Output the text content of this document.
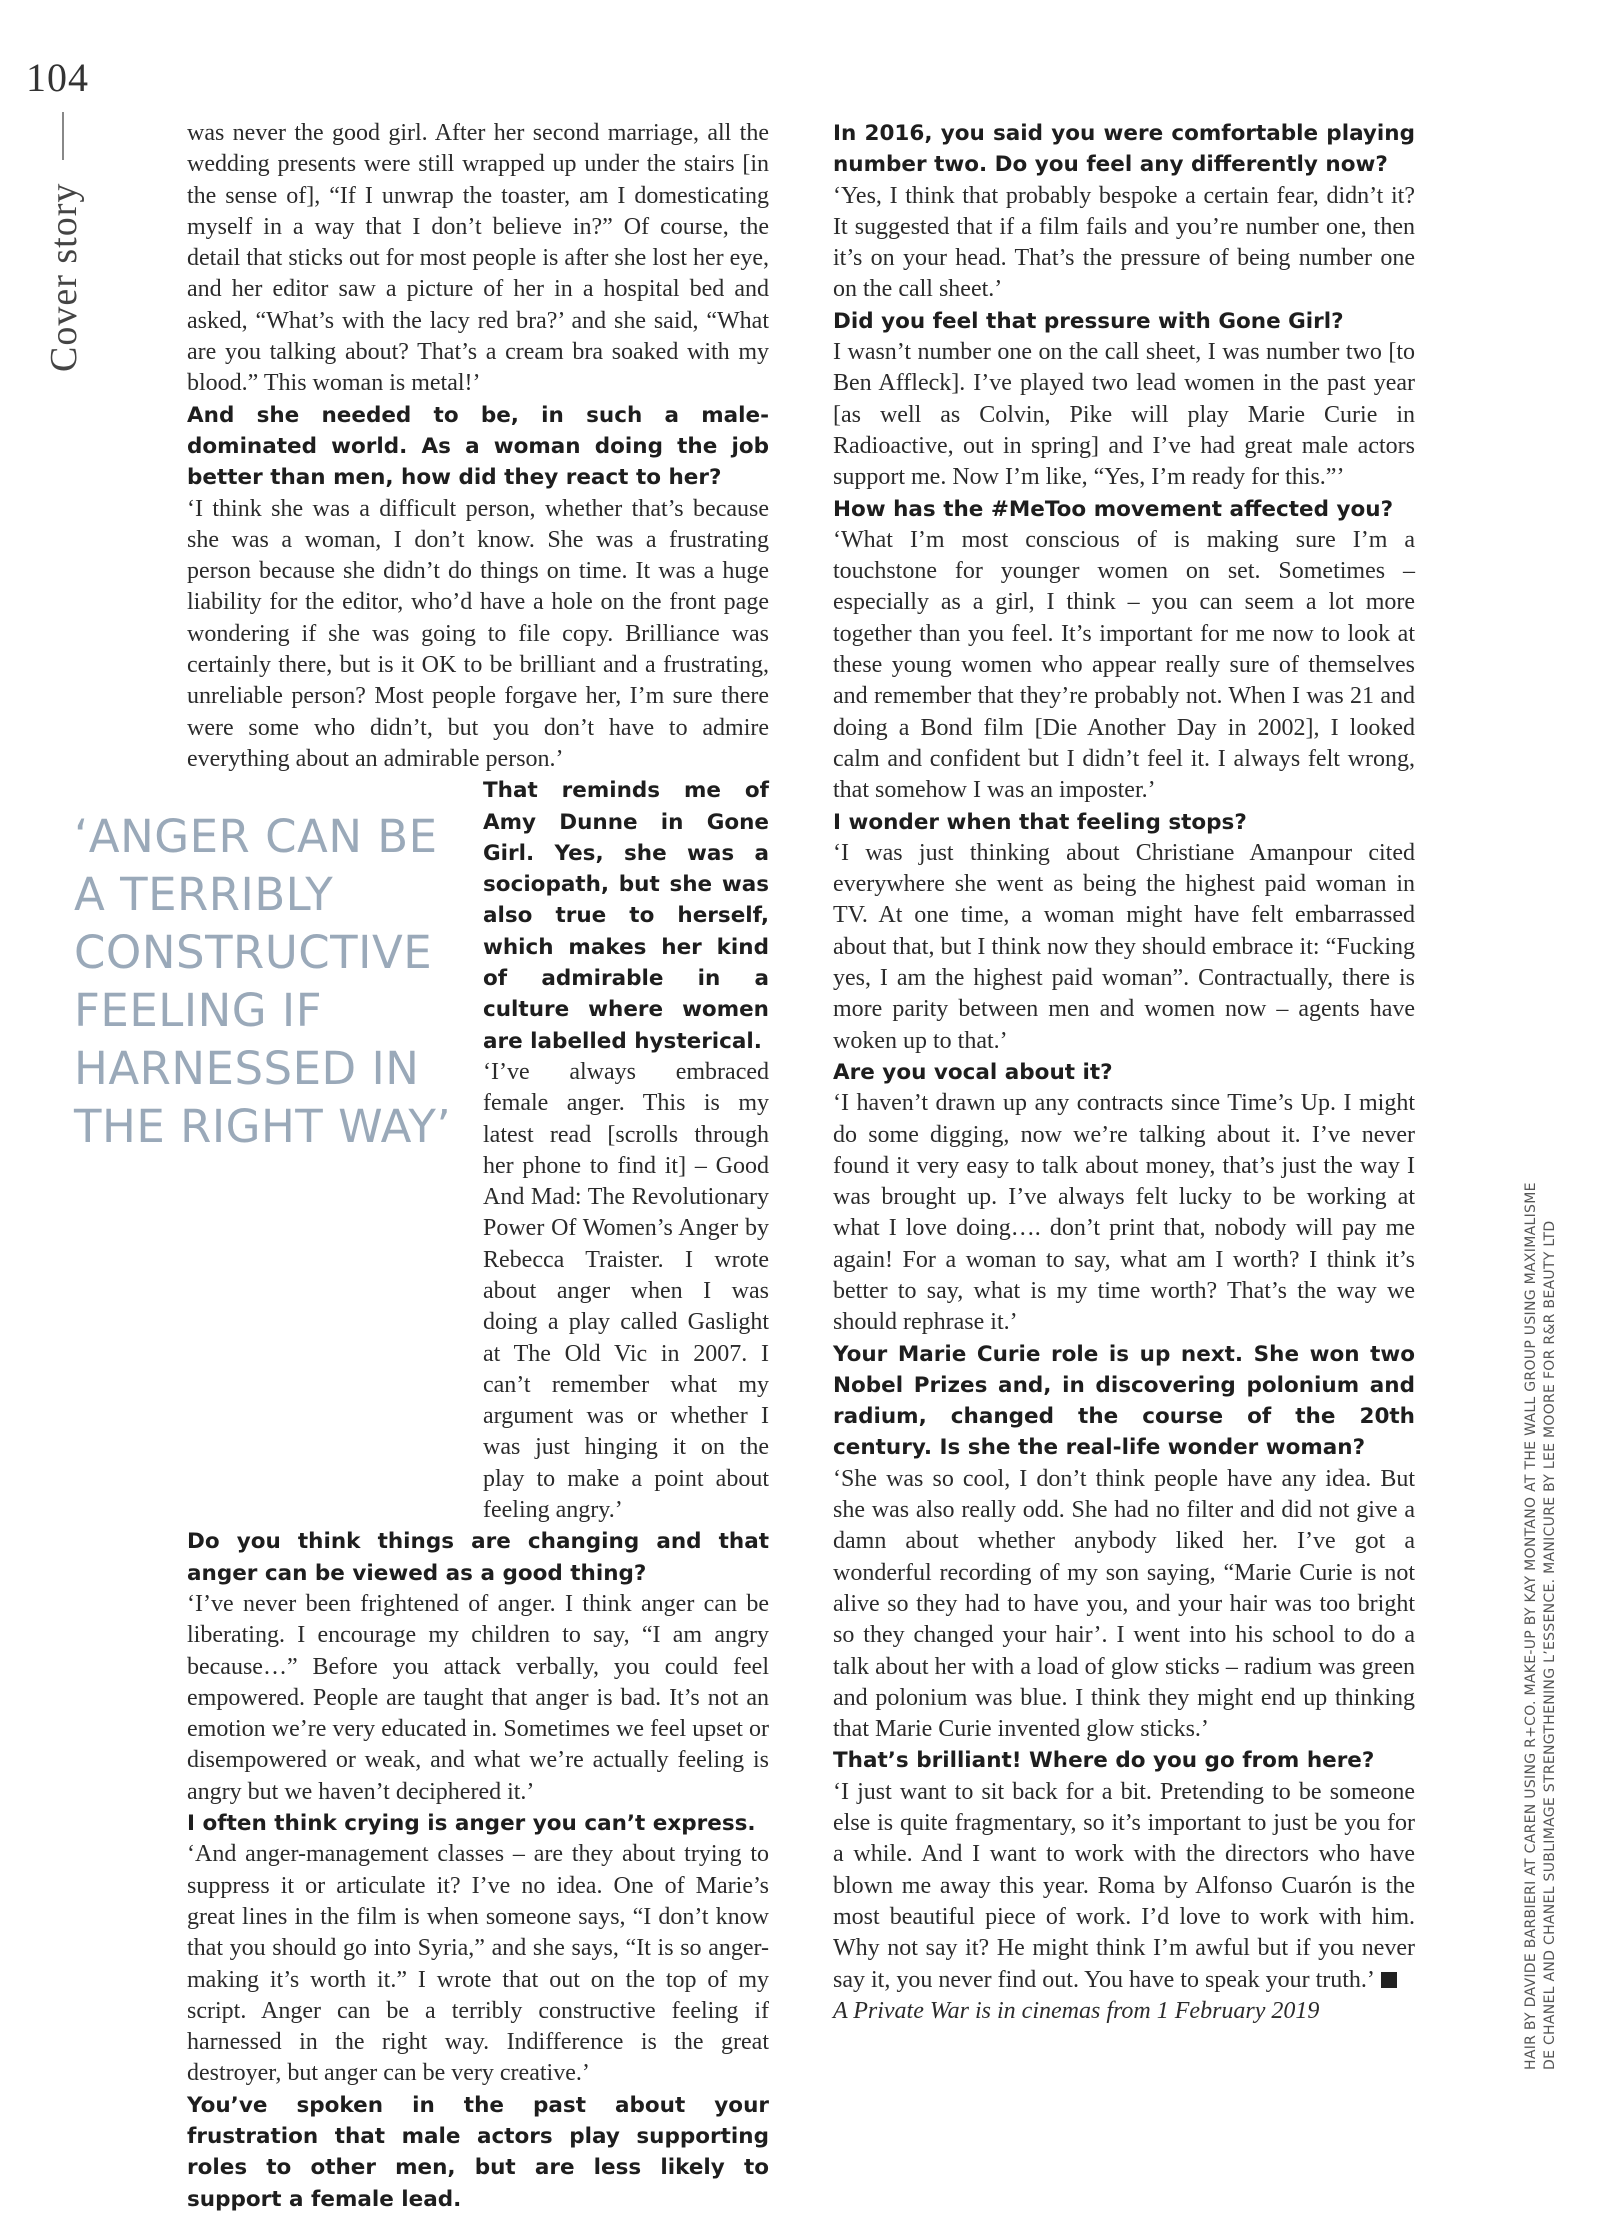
104
Cover story
‘ANGER CAN BE A TERRIBLY CONSTRUCTIVE FEELING IF HARNESSED IN THE RIGHT WAY’

was never the good girl. After her second marriage, all the wedding presents were still wrapped up under the stairs [in the sense of], “If I unwrap the toaster, am I domesticating myself in a way that I don’t believe in?” Of course, the detail that sticks out for most people is after she lost her eye, and her editor saw a picture of her in a hospital bed and asked, “What’s with the lacy red bra?’ and she said, “What are you talking about? That’s a cream bra soaked with my blood.” This woman is metal!’

And she needed to be, in such a male-dominated world. As a woman doing the job better than men, how did they react to her?

‘I think she was a difficult person, whether that’s because she was a woman, I don’t know. She was a frustrating person because she didn’t do things on time. It was a huge liability for the editor, who’d have a hole on the front page wondering if she was going to file copy. Brilliance was certainly there, but is it OK to be brilliant and a frustrating, unreliable person? Most people forgave her, I’m sure there were some who didn’t, but you don’t have to admire everything about an admirable person.’

That reminds me of Amy Dunne in Gone Girl. Yes, she was a sociopath, but she was also true to herself, which makes her kind of admirable in a culture where women are labelled hysterical.

‘I’ve always embraced female anger. This is my latest read [scrolls through her phone to find it] – Good And Mad: The Revolutionary Power Of Women’s Anger by Rebecca Traister. I wrote about anger when I was doing a play called Gaslight at The Old Vic in 2007. I can’t remember what my argument was or whether I was just hinging it on the play to make a point about feeling angry.’

Do you think things are changing and that anger can be viewed as a good thing?

‘I’ve never been frightened of anger. I think anger can be liberating. I encourage my children to say, “I am angry because…” Before you attack verbally, you could feel empowered. People are taught that anger is bad. It’s not an emotion we’re very educated in. Sometimes we feel upset or disempowered or weak, and what we’re actually feeling is angry but we haven’t deciphered it.’

I often think crying is anger you can’t express.

‘And anger-management classes – are they about trying to suppress it or articulate it? I’ve no idea. One of Marie’s great lines in the film is when someone says, “I don’t know that you should go into Syria,” and she says, “It is so anger-making it’s worth it.” I wrote that out on the top of my script. Anger can be a terribly constructive feeling if harnessed in the right way. Indifference is the great destroyer, but anger can be very creative.’

You’ve spoken in the past about your frustration that male actors play supporting roles to other men, but are less likely to support a female lead.

In 2016, you said you were comfortable playing number two. Do you feel any differently now?

‘Yes, I think that probably bespoke a certain fear, didn’t it? It suggested that if a film fails and you’re number one, then it’s on your head. That’s the pressure of being number one on the call sheet.’

Did you feel that pressure with Gone Girl?

I wasn’t number one on the call sheet, I was number two [to Ben Affleck]. I’ve played two lead women in the past year [as well as Colvin, Pike will play Marie Curie in Radioactive, out in spring] and I’ve had great male actors support me. Now I’m like, “Yes, I’m ready for this.”’

How has the #MeToo movement affected you?

‘What I’m most conscious of is making sure I’m a touchstone for younger women on set. Sometimes – especially as a girl, I think – you can seem a lot more together than you feel. It’s important for me now to look at these young women who appear really sure of themselves and remember that they’re probably not. When I was 21 and doing a Bond film [Die Another Day in 2002], I looked calm and confident but I didn’t feel it. I always felt wrong, that somehow I was an imposter.’

I wonder when that feeling stops?

‘I was just thinking about Christiane Amanpour cited everywhere she went as being the highest paid woman in TV. At one time, a woman might have felt embarrassed about that, but I think now they should embrace it: “Fucking yes, I am the highest paid woman”. Contractually, there is more parity between men and women now – agents have woken up to that.’

Are you vocal about it?

‘I haven’t drawn up any contracts since Time’s Up. I might do some digging, now we’re talking about it. I’ve never found it very easy to talk about money, that’s just the way I was brought up. I’ve always felt lucky to be working at what I love doing…. don’t print that, nobody will pay me again! For a woman to say, what am I worth? I think it’s better to say, what is my time worth? That’s the way we should rephrase it.’

Your Marie Curie role is up next. She won two Nobel Prizes and, in discovering polonium and radium, changed the course of the 20th century. Is she the real-life wonder woman?

‘She was so cool, I don’t think people have any idea. But she was also really odd. She had no filter and did not give a damn about whether anybody liked her. I’ve got a wonderful recording of my son saying, “Marie Curie is not alive so they had to have you, and your hair was too bright so they changed your hair’. I went into his school to do a talk about her with a load of glow sticks – radium was green and polonium was blue. I think they might end up thinking that Marie Curie invented glow sticks.’

That’s brilliant! Where do you go from here?

‘I just want to sit back for a bit. Pretending to be someone else is quite fragmentary, so it’s important to just be you for a while. And I want to work with the directors who have blown me away this year. Roma by Alfonso Cuarón is the most beautiful piece of work. I’d love to work with him. Why not say it? He might think I’m awful but if you never say it, you never find out. You have to speak your truth.’

A Private War is in cinemas from 1 February 2019	HAIR BY DAVIDE BARBIERI AT CAREN USING R+CO. MAKE-UP BY KAY MONTANO AT THE WALL GROUP USING MAXIMALISME DE CHANEL AND CHANEL SUBLIMAGE STRENGTHENING L’ESSENCE. MANICURE BY LEE MOORE FOR R&R BEAUTY LTD
